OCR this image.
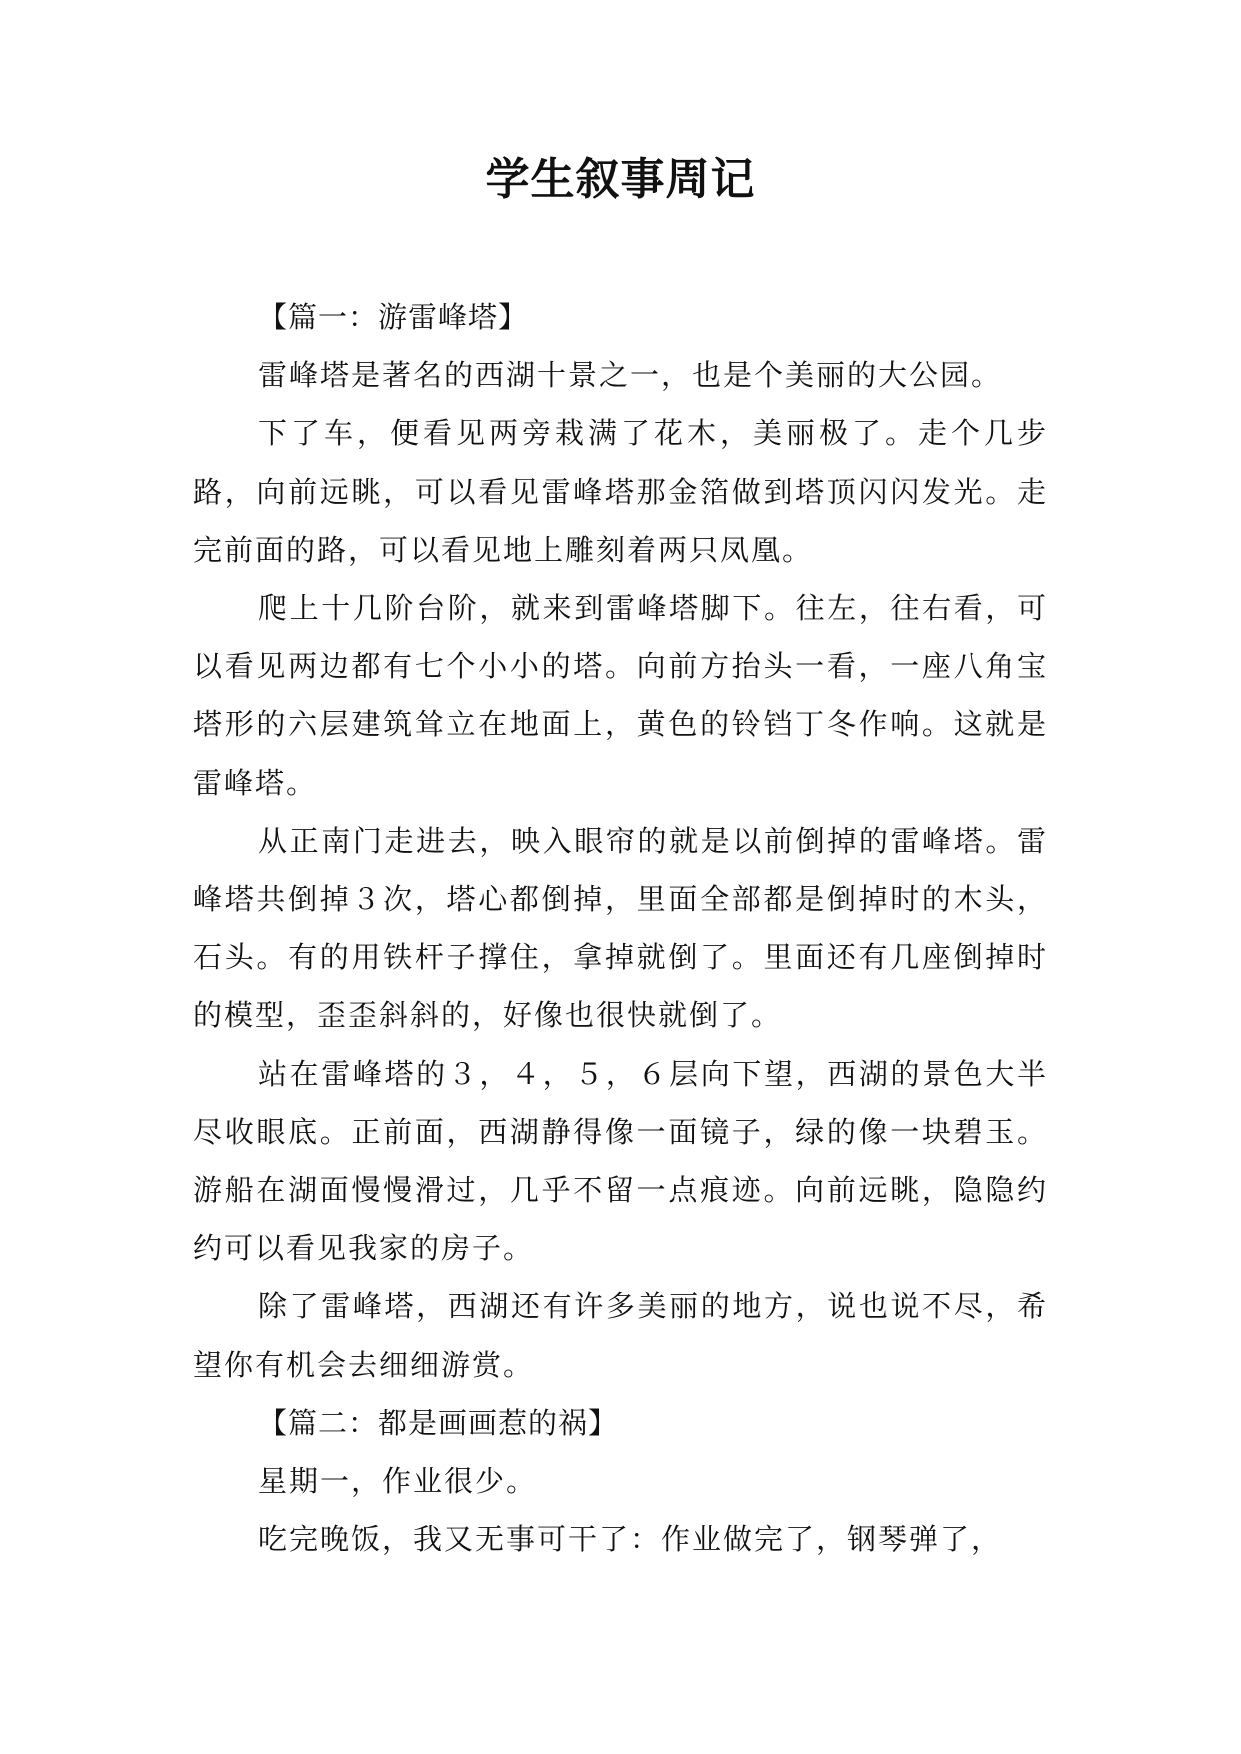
学生叙事周记

【篇一：游雷峰塔】

雷峰塔是著名的西湖十景之一，也是个美丽的大公园。

下了车，便看见两旁栽满了花木，美丽极了。走个几步路，向前远眺，可以看见雷峰塔那金箔做到塔顶闪闪发光。走完前面的路，可以看见地上雕刻着两只凤凰。

爬上十几阶台阶，就来到雷峰塔脚下。往左，往右看，可以看见两边都有七个小小的塔。向前方抬头一看，一座八角宝塔形的六层建筑耸立在地面上，黄色的铃铛丁冬作响。这就是雷峰塔。

从正南门走进去，映入眼帘的就是以前倒掉的雷峰塔。雷峰塔共倒掉３次，塔心都倒掉，里面全部都是倒掉时的木头，石头。有的用铁杆子撑住，拿掉就倒了。里面还有几座倒掉时的模型，歪歪斜斜的，好像也很快就倒了。

站在雷峰塔的３，４，５，６层向下望，西湖的景色大半尽收眼底。正前面，西湖静得像一面镜子，绿的像一块碧玉。游船在湖面慢慢滑过，几乎不留一点痕迹。向前远眺，隐隐约约可以看见我家的房子。

除了雷峰塔，西湖还有许多美丽的地方，说也说不尽，希望你有机会去细细游赏。

【篇二：都是画画惹的祸】

星期一，作业很少。

吃完晚饭，我又无事可干了：作业做完了，钢琴弹了，
